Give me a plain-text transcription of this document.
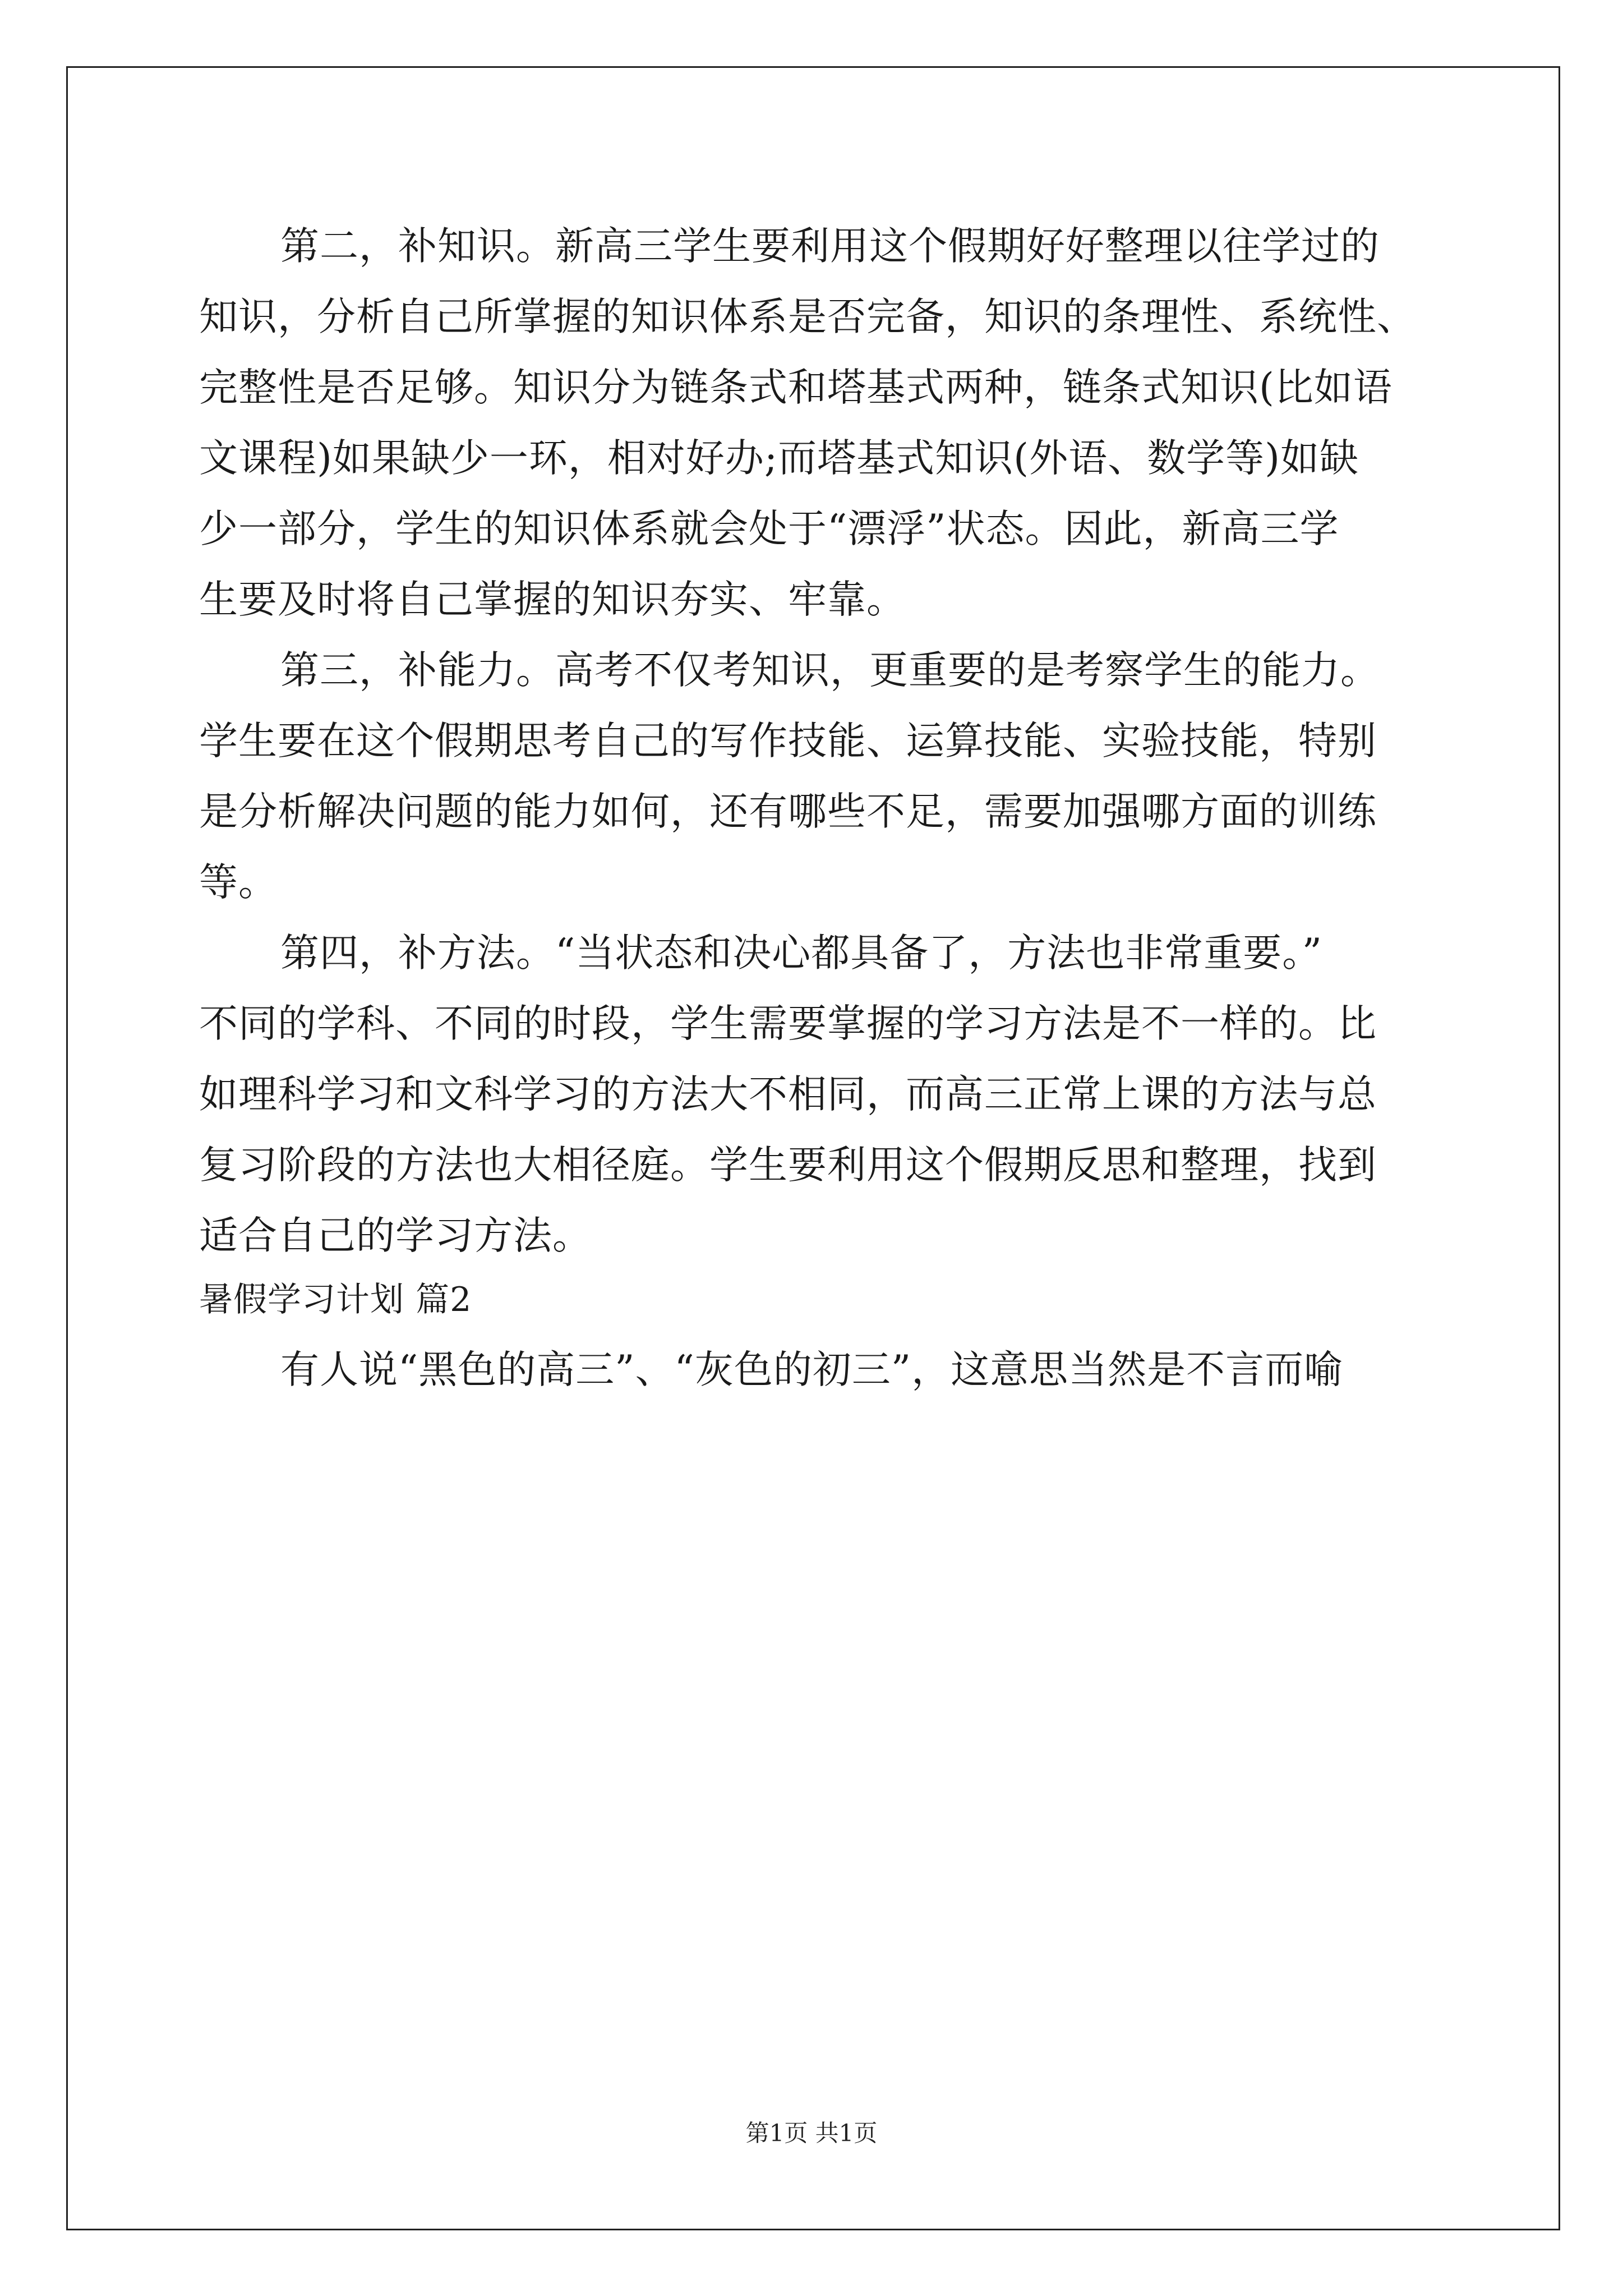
第二，补知识。新高三学生要利用这个假期好好整理以往学过的
知识，分析自己所掌握的知识体系是否完备，知识的条理性、系统性、
完整性是否足够。知识分为链条式和塔基式两种，链条式知识(比如语
文课程)如果缺少一环，相对好办;而塔基式知识(外语、数学等)如缺
少一部分，学生的知识体系就会处于“漂浮”状态。因此，新高三学
生要及时将自己掌握的知识夯实、牢靠。
第三，补能力。高考不仅考知识，更重要的是考察学生的能力。
学生要在这个假期思考自己的写作技能、运算技能、实验技能，特别
是分析解决问题的能力如何，还有哪些不足，需要加强哪方面的训练
等。
第四，补方法。“当状态和决心都具备了，方法也非常重要。”
不同的学科、不同的时段，学生需要掌握的学习方法是不一样的。比
如理科学习和文科学习的方法大不相同，而高三正常上课的方法与总
复习阶段的方法也大相径庭。学生要利用这个假期反思和整理，找到
适合自己的学习方法。
暑假学习计划 篇2
有人说“黑色的高三”、“灰色的初三”，这意思当然是不言而喻
第1页 共1页
